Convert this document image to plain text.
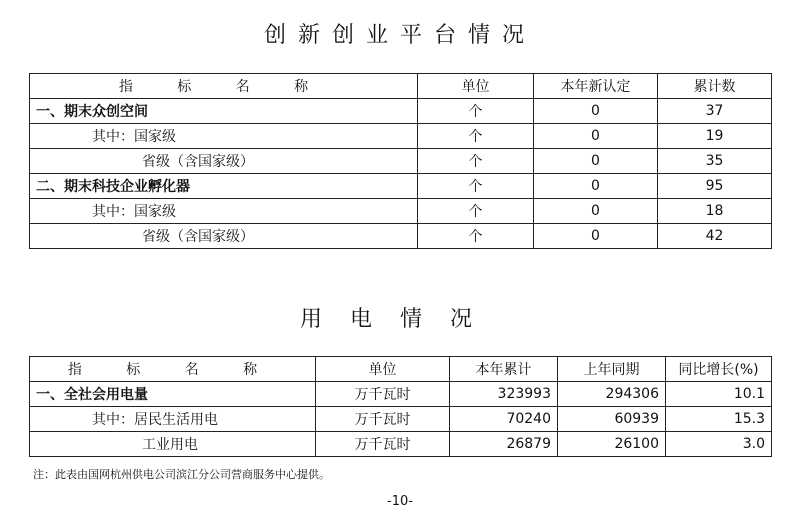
创新创业平台情况
指 标 名 称	单位	本年新认定	累计数
一、期末众创空间	个	0	37
其中：国家级	个	0	19
省级（含国家级）	个	0	35
二、期末科技企业孵化器	个	0	95
其中：国家级	个	0	18
省级（含国家级）	个	0	42
用电情况
指 标 名 称	单位	本年累计	上年同期	同比增长(%)
一、全社会用电量	万千瓦时	323993	294306	10.1
其中：居民生活用电	万千瓦时	70240	60939	15.3
工业用电	万千瓦时	26879	26100	3.0

注：此表由国网杭州供电公司滨江分公司营商服务中心提供。

-10-
